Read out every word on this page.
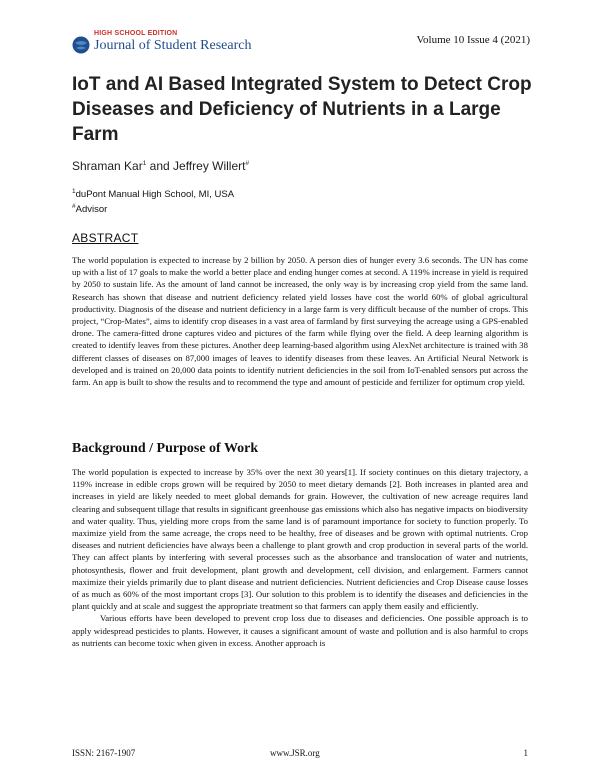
HIGH SCHOOL EDITION
Journal of Student Research	Volume 10 Issue 4 (2021)
IoT and AI Based Integrated System to Detect Crop Diseases and Deficiency of Nutrients in a Large Farm
Shraman Kar$^1$ and Jeffrey Willert#
$^1$duPont Manual High School, MI, USA
#Advisor
ABSTRACT
The world population is expected to increase by 2 billion by 2050. A person dies of hunger every 3.6 seconds. The UN has come up with a list of 17 goals to make the world a better place and ending hunger comes at second. A 119% increase in yield is required by 2050 to sustain life. As the amount of land cannot be increased, the only way is by increasing crop yield from the same land. Research has shown that disease and nutrient deficiency related yield losses have cost the world 60% of global agricultural productivity. Diagnosis of the disease and nutrient deficiency in a large farm is very difficult because of the number of crops. This project, “Crop-Mates”, aims to identify crop diseases in a vast area of farmland by first surveying the acreage using a GPS-enabled drone. The camera-fitted drone captures video and pictures of the farm while flying over the field. A deep learning algorithm is created to identify leaves from these pictures. Another deep learning-based algorithm using AlexNet architecture is trained with 38 different classes of diseases on 87,000 images of leaves to identify diseases from these leaves. An Artificial Neural Network is developed and is trained on 20,000 data points to identify nutrient deficiencies in the soil from IoT-enabled sensors put across the farm. An app is built to show the results and to recommend the type and amount of pesticide and fertilizer for optimum crop yield.
Background / Purpose of Work

The world population is expected to increase by 35% over the next 30 years[1]. If society continues on this dietary trajectory, a 119% increase in edible crops grown will be required by 2050 to meet dietary demands [2]. Both increases in planted area and increases in yield are likely needed to meet global demands for grain. However, the cultivation of new acreage requires land clearing and subsequent tillage that results in significant greenhouse gas emissions which also has negative impacts on biodiversity and water quality. Thus, yielding more crops from the same land is of paramount importance for society to function properly. To maximize yield from the same acreage, the crops need to be healthy, free of diseases and be grown with optimal nutrients. Crop diseases and nutrient deficiencies have always been a challenge to plant growth and crop production in several parts of the world. They can affect plants by interfering with several processes such as the absorbance and translocation of water and nutrients, photosynthesis, flower and fruit development, plant growth and development, cell division, and enlargement. Farmers cannot maximize their yields primarily due to plant disease and nutrient deficiencies. Nutrient deficiencies and Crop Disease cause losses of as much as 60% of the most important crops [3]. Our solution to this problem is to identify the diseases and deficiencies in the plant quickly and at scale and suggest the appropriate treatment so that farmers can apply them easily and efficiently.

Various efforts have been developed to prevent crop loss due to diseases and deficiencies. One possible approach is to apply widespread pesticides to plants. However, it causes a significant amount of waste and pollution and is also harmful to crops as nutrients can become toxic when given in excess. Another approach is

ISSN: 2167-1907	www.JSR.org	1
